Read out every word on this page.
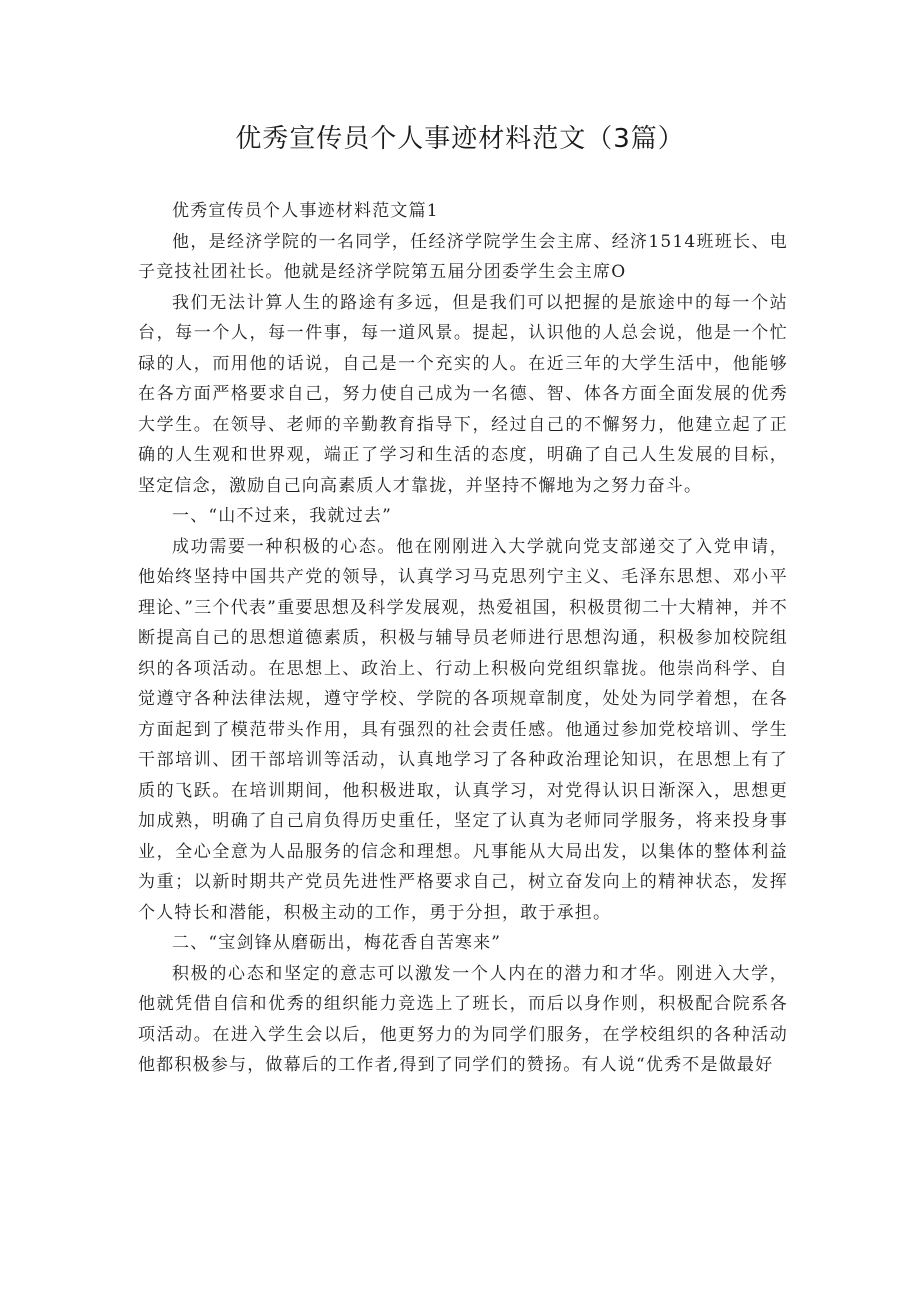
优秀宣传员个人事迹材料范文（3篇）

优秀宣传员个人事迹材料范文篇1

他，是经济学院的一名同学，任经济学院学生会主席、经济1514班班长、电子竞技社团社长。他就是经济学院第五届分团委学生会主席O

我们无法计算人生的路途有多远，但是我们可以把握的是旅途中的每一个站台，每一个人，每一件事，每一道风景。提起，认识他的人总会说，他是一个忙碌的人，而用他的话说，自己是一个充实的人。在近三年的大学生活中，他能够在各方面严格要求自己，努力使自己成为一名德、智、体各方面全面发展的优秀大学生。在领导、老师的辛勤教育指导下，经过自己的不懈努力，他建立起了正确的人生观和世界观，端正了学习和生活的态度，明确了自己人生发展的目标，坚定信念，激励自己向高素质人才靠拢，并坚持不懈地为之努力奋斗。

一、“山不过来，我就过去”

成功需要一种积极的心态。他在刚刚进入大学就向党支部递交了入党申请，他始终坚持中国共产党的领导，认真学习马克思列宁主义、毛泽东思想、邓小平理论、”三个代表”重要思想及科学发展观，热爱祖国，积极贯彻二十大精神，并不断提高自己的思想道德素质，积极与辅导员老师进行思想沟通，积极参加校院组织的各项活动。在思想上、政治上、行动上积极向党组织靠拢。他崇尚科学、自觉遵守各种法律法规，遵守学校、学院的各项规章制度，处处为同学着想，在各方面起到了模范带头作用，具有强烈的社会责任感。他通过参加党校培训、学生干部培训、团干部培训等活动，认真地学习了各种政治理论知识，在思想上有了质的飞跃。在培训期间，他积极进取，认真学习，对党得认识日渐深入，思想更加成熟，明确了自己肩负得历史重任，坚定了认真为老师同学服务，将来投身事业，全心全意为人品服务的信念和理想。凡事能从大局出发，以集体的整体利益为重；以新时期共产党员先进性严格要求自己，树立奋发向上的精神状态，发挥个人特长和潜能，积极主动的工作，勇于分担，敢于承担。

二、“宝剑锋从磨砺出，梅花香自苦寒来”

积极的心态和坚定的意志可以激发一个人内在的潜力和才华。刚进入大学，他就凭借自信和优秀的组织能力竞选上了班长，而后以身作则，积极配合院系各项活动。在进入学生会以后，他更努力的为同学们服务，在学校组织的各种活动他都积极参与，做幕后的工作者,得到了同学们的赞扬。有人说“优秀不是做最好
